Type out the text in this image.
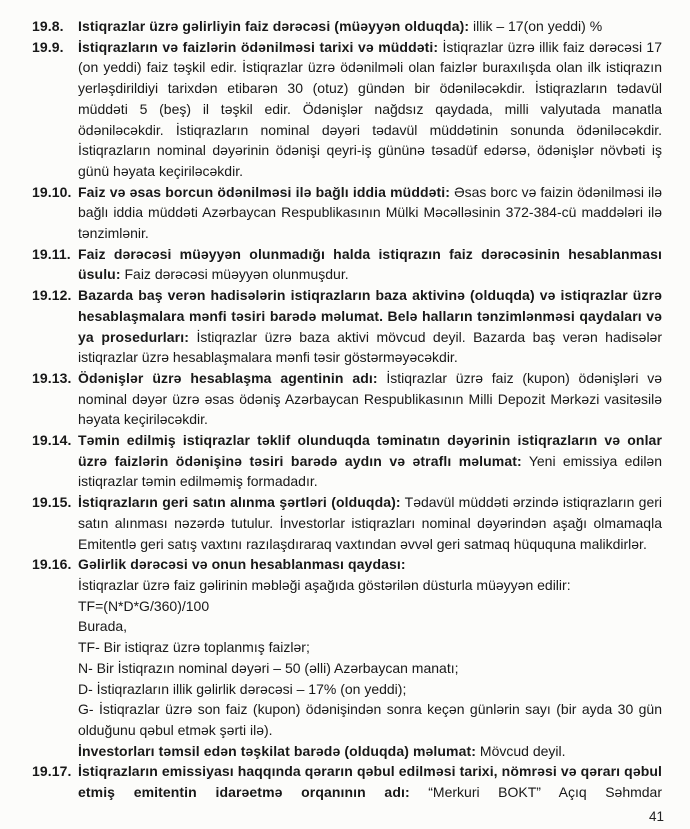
19.8.	Istiqrazlar üzrə gəlirliyin faiz dərəcəsi (müəyyən olduqda): illik – 17(on yeddi) %

19.9.	İstiqrazların və faizlərin ödənilməsi tarixi və müddəti: İstiqrazlar üzrə illik faiz dərəcəsi 17 (on yeddi) faiz təşkil edir. İstiqrazlar üzrə ödənilməli olan faizlər buraxılışda olan ilk istiqrazın yerləşdirildiyi tarixdən etibarən 30 (otuz) gündən bir ödəniləcəkdir. İstiqrazların tədavül müddəti 5 (beş) il təşkil edir. Ödənişlər nağdsız qaydada, milli valyutada manatla ödəniləcəkdir. İstiqrazların nominal dəyəri tədavül müddətinin sonunda ödəniləcəkdir. İstiqrazların nominal dəyərinin ödənişi qeyri-iş gününə təsadüf edərsə, ödənişlər növbəti iş günü həyata keçiriləcəkdir.

19.10. Faiz və əsas borcun ödənilməsi ilə bağlı iddia müddəti: Əsas borc və faizin ödənilməsi ilə bağlı iddia müddəti Azərbaycan Respublikasının Mülki Məcəlləsinin 372-384-cü maddələri ilə tənzimlənir.

19.11. Faiz dərəcəsi müəyyən olunmadığı halda istiqrazın faiz dərəcəsinin hesablanması üsulu: Faiz dərəcəsi müəyyən olunmuşdur.

19.12. Bazarda baş verən hadisələrin istiqrazların baza aktivinə (olduqda) və istiqrazlar üzrə hesablaşmalara mənfi təsiri barədə məlumat. Belə halların tənzimlənməsi qaydaları və ya prosedurları: İstiqrazlar üzrə baza aktivi mövcud deyil. Bazarda baş verən hadisələr istiqrazlar üzrə hesablaşmalara mənfi təsir göstərməyəcəkdir.

19.13. Ödənişlər üzrə hesablaşma agentinin adı: İstiqrazlar üzrə faiz (kupon) ödənişləri və nominal dəyər üzrə əsas ödəniş Azərbaycan Respublikasının Milli Depozit Mərkəzi vasitəsilə həyata keçiriləcəkdir.

19.14. Təmin edilmiş istiqrazlar təklif olunduqda təminatın dəyərinin istiqrazların və onlar üzrə faizlərin ödənişinə təsiri barədə aydın və ətraflı məlumat: Yeni emissiya edilən istiqrazlar təmin edilməmiş formadadır.

19.15. İstiqrazların geri satın alınma şərtləri (olduqda): Tədavül müddəti ərzində istiqrazların geri satın alınması nəzərdə tutulur. İnvestorlar istiqrazları nominal dəyərindən aşağı olmamaqla Emitentlə geri satış vaxtını razılaşdıraraq vaxtından əvvəl geri satmaq hüququna malikdirlər.

19.16. Gəlirlik dərəcəsi və onun hesablanması qaydası:
İstiqrazlar üzrə faiz gəlirinin məbləği aşağıda göstərilən düsturla müəyyən edilir:
TF=(N*D*G/360)/100
Burada,
TF- Bir istiqraz üzrə toplanmış faizlər;
N- Bir İstiqrazın nominal dəyəri – 50 (əlli) Azərbaycan manatı;
D- İstiqrazların illik gəlirlik dərəcəsi – 17% (on yeddi);
G- İstiqrazlar üzrə son faiz (kupon) ödənişindən sonra keçən günlərin sayı (bir ayda 30 gün olduğunu qəbul etmək şərti ilə).
İnvestorları təmsil edən təşkilat barədə (olduqda) məlumat: Mövcud deyil.
19.17. İstiqrazların emissiyası haqqında qərarın qəbul edilməsi tarixi, nömrəsi və qərarı qəbul etmiş emitentin idarəetmə orqanının adı: “Merkuri BOKT” Açıq Səhmdar

41
